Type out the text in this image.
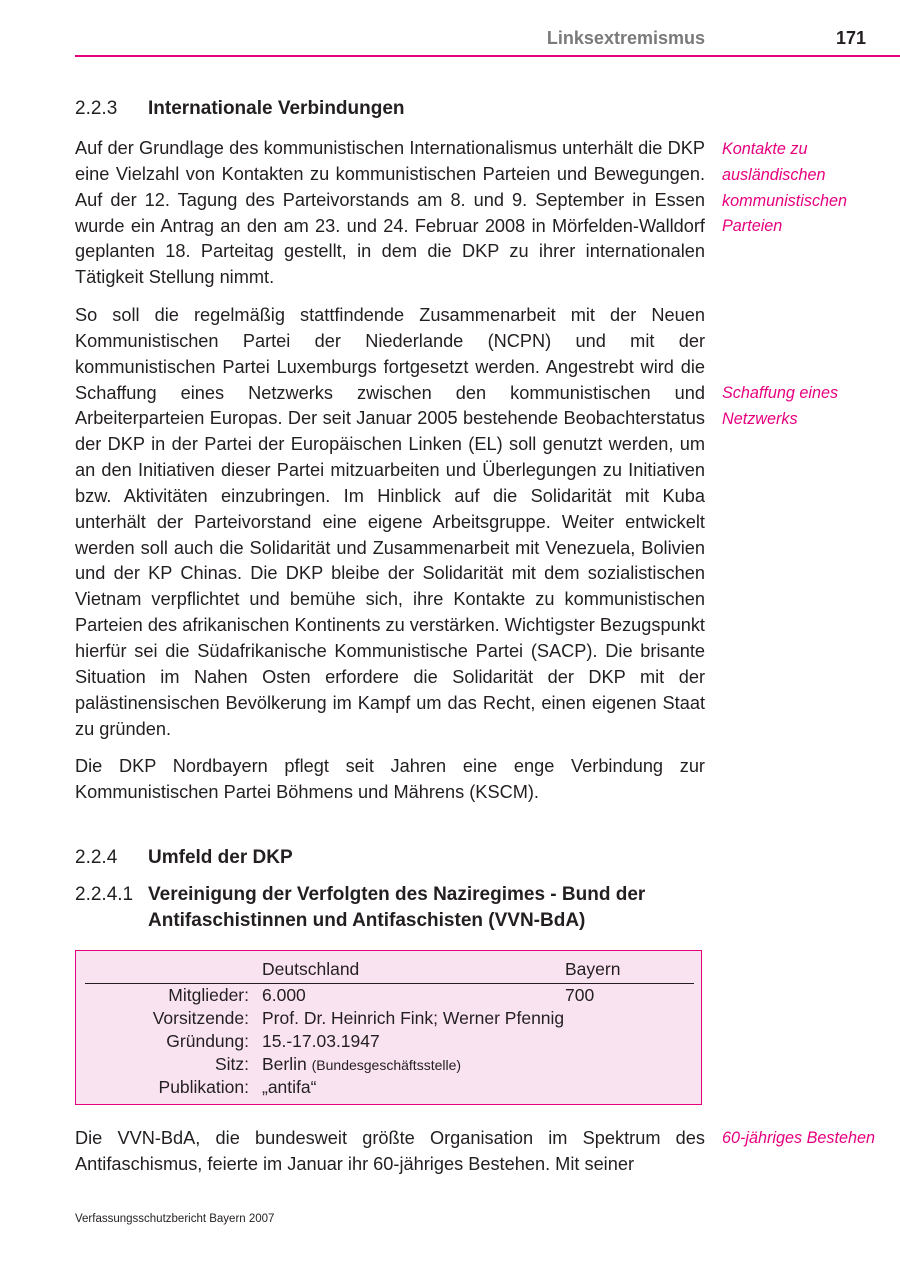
Linksextremismus	171
2.2.3 Internationale Verbindungen

Auf der Grundlage des kommunistischen Internationalismus unterhält die DKP eine Vielzahl von Kontakten zu kommunistischen Parteien und Bewegungen. Auf der 12. Tagung des Parteivorstands am 8. und 9. September in Essen wurde ein Antrag an den am 23. und 24. Februar 2008 in Mörfelden-Walldorf geplanten 18. Parteitag gestellt, in dem die DKP zu ihrer internationalen Tätigkeit Stellung nimmt.

So soll die regelmäßig stattfindende Zusammenarbeit mit der Neuen Kommunistischen Partei der Niederlande (NCPN) und mit der kommunistischen Partei Luxemburgs fortgesetzt werden. Angestrebt wird die Schaffung eines Netzwerks zwischen den kommunistischen und Arbeiterparteien Europas. Der seit Januar 2005 bestehende Beobachterstatus der DKP in der Partei der Europäischen Linken (EL) soll genutzt werden, um an den Initiativen dieser Partei mitzuarbeiten und Überlegungen zu Initiativen bzw. Aktivitäten einzubringen. Im Hinblick auf die Solidarität mit Kuba unterhält der Parteivorstand eine eigene Arbeitsgruppe. Weiter entwickelt werden soll auch die Solidarität und Zusammenarbeit mit Venezuela, Bolivien und der KP Chinas. Die DKP bleibe der Solidarität mit dem sozialistischen Vietnam verpflichtet und bemühe sich, ihre Kontakte zu kommunistischen Parteien des afrikanischen Kontinents zu verstärken. Wichtigster Bezugspunkt hierfür sei die Südafrikanische Kommunistische Partei (SACP). Die brisante Situation im Nahen Osten erfordere die Solidarität der DKP mit der palästinensischen Bevölkerung im Kampf um das Recht, einen eigenen Staat zu gründen.

Die DKP Nordbayern pflegt seit Jahren eine enge Verbindung zur Kommunistischen Partei Böhmens und Mährens (KSCM).

Kontakte zu ausländischen kommunistischen Parteien
Schaffung eines Netzwerks
2.2.4 Umfeld der DKP
2.2.4.1 Vereinigung der Verfolgten des Naziregimes - Bund der
Antifaschistinnen und Antifaschisten (VVN-BdA)
Deutschland	Bayern
Mitglieder: 6.000	700
Vorsitzende: Prof. Dr. Heinrich Fink; Werner Pfennig
Gründung: 15.-17.03.1947
Sitz: Berlin (Bundesgeschäftsstelle)
Publikation: „antifa“

Die VVN-BdA, die bundesweit größte Organisation im Spektrum des Antifaschismus, feierte im Januar ihr 60-jähriges Bestehen. Mit seiner

60-jähriges Bestehen
Verfassungsschutzbericht Bayern 2007
